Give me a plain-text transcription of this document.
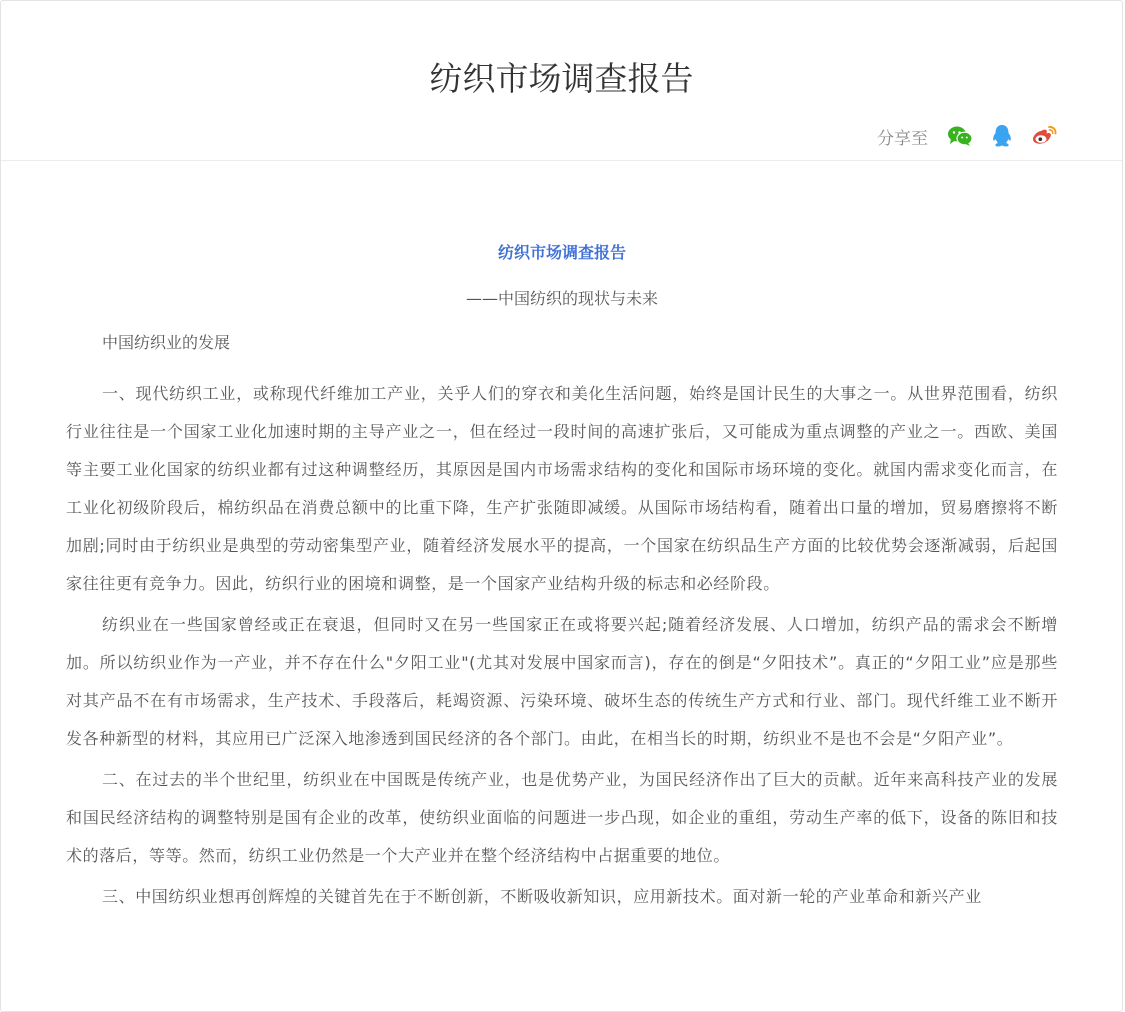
纺织市场调查报告
分享至

纺织市场调查报告

——中国纺织的现状与未来

中国纺织业的发展

一、现代纺织工业，或称现代纤维加工产业，关乎人们的穿衣和美化生活问题，始终是国计民生的大事之一。从世界范围看，纺织行业往往是一个国家工业化加速时期的主导产业之一，但在经过一段时间的高速扩张后，又可能成为重点调整的产业之一。西欧、美国等主要工业化国家的纺织业都有过这种调整经历，其原因是国内市场需求结构的变化和国际市场环境的变化。就国内需求变化而言，在工业化初级阶段后，棉纺织品在消费总额中的比重下降，生产扩张随即减缓。从国际市场结构看，随着出口量的增加，贸易磨擦将不断加剧;同时由于纺织业是典型的劳动密集型产业，随着经济发展水平的提高，一个国家在纺织品生产方面的比较优势会逐渐减弱，后起国家往往更有竞争力。因此，纺织行业的困境和调整，是一个国家产业结构升级的标志和必经阶段。

纺织业在一些国家曾经或正在衰退，但同时又在另一些国家正在或将要兴起;随着经济发展、人口增加，纺织产品的需求会不断增加。所以纺织业作为一产业，并不存在什么"夕阳工业"(尤其对发展中国家而言)，存在的倒是“夕阳技术”。真正的“夕阳工业”应是那些对其产品不在有市场需求，生产技术、手段落后，耗竭资源、污染环境、破坏生态的传统生产方式和行业、部门。现代纤维工业不断开发各种新型的材料，其应用已广泛深入地渗透到国民经济的各个部门。由此，在相当长的时期，纺织业不是也不会是“夕阳产业”。

二、在过去的半个世纪里，纺织业在中国既是传统产业，也是优势产业，为国民经济作出了巨大的贡献。近年来高科技产业的发展和国民经济结构的调整特别是国有企业的改革，使纺织业面临的问题进一步凸现，如企业的重组，劳动生产率的低下，设备的陈旧和技术的落后，等等。然而，纺织工业仍然是一个大产业并在整个经济结构中占据重要的地位。

三、中国纺织业想再创辉煌的关键首先在于不断创新，不断吸收新知识，应用新技术。面对新一轮的产业革命和新兴产业
